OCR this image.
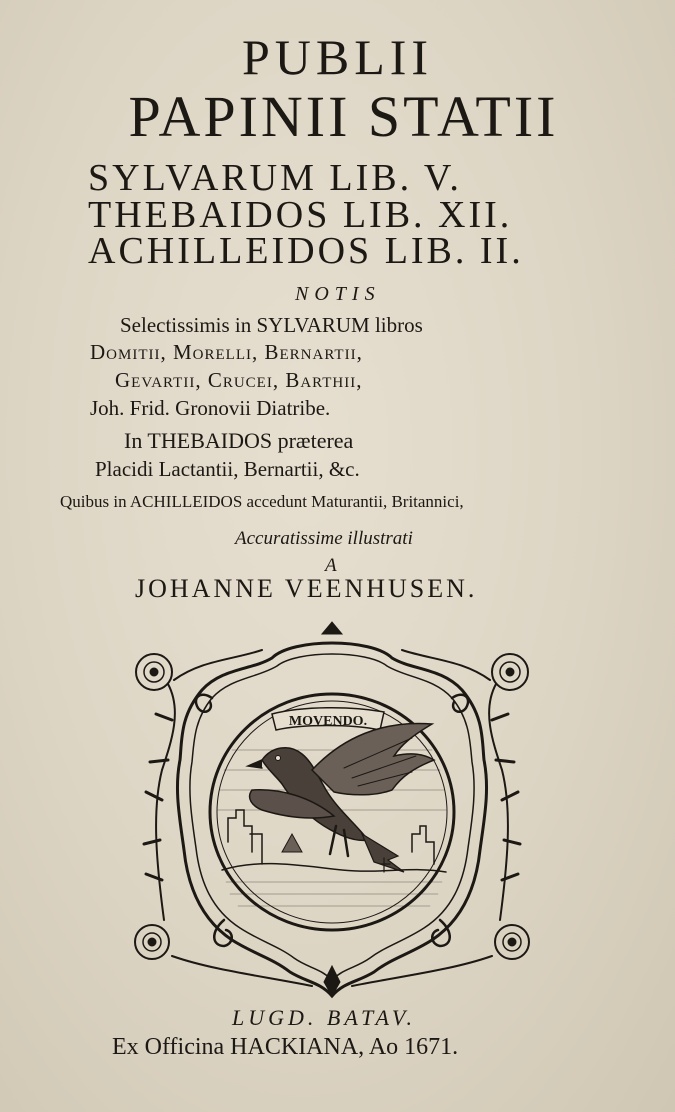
PUBLII
PAPINII STATII
SYLVARUM LIB. V.
THEBAIDOS LIB. XII.
ACHILLEIDOS LIB. II.
NOTIS
Selectissimis in SYLVARUM libros
Domitii, Morelli, Bernartii,
Gevartii, Crucei, Barthii,
Joh. Frid. Gronovii Diatribe.
In THEBAIDOS præterea
Placidi Lactantii, Bernartii, &c.
Quibus in ACHILLEIDOS accedunt Maturantii, Britannici,
Accuratissime illustrati
A
JOHANNE VEENHUSEN.
MOVENDO.
LUGD. BATAV.
Ex Officina HACKIANA, Ao 1671.
